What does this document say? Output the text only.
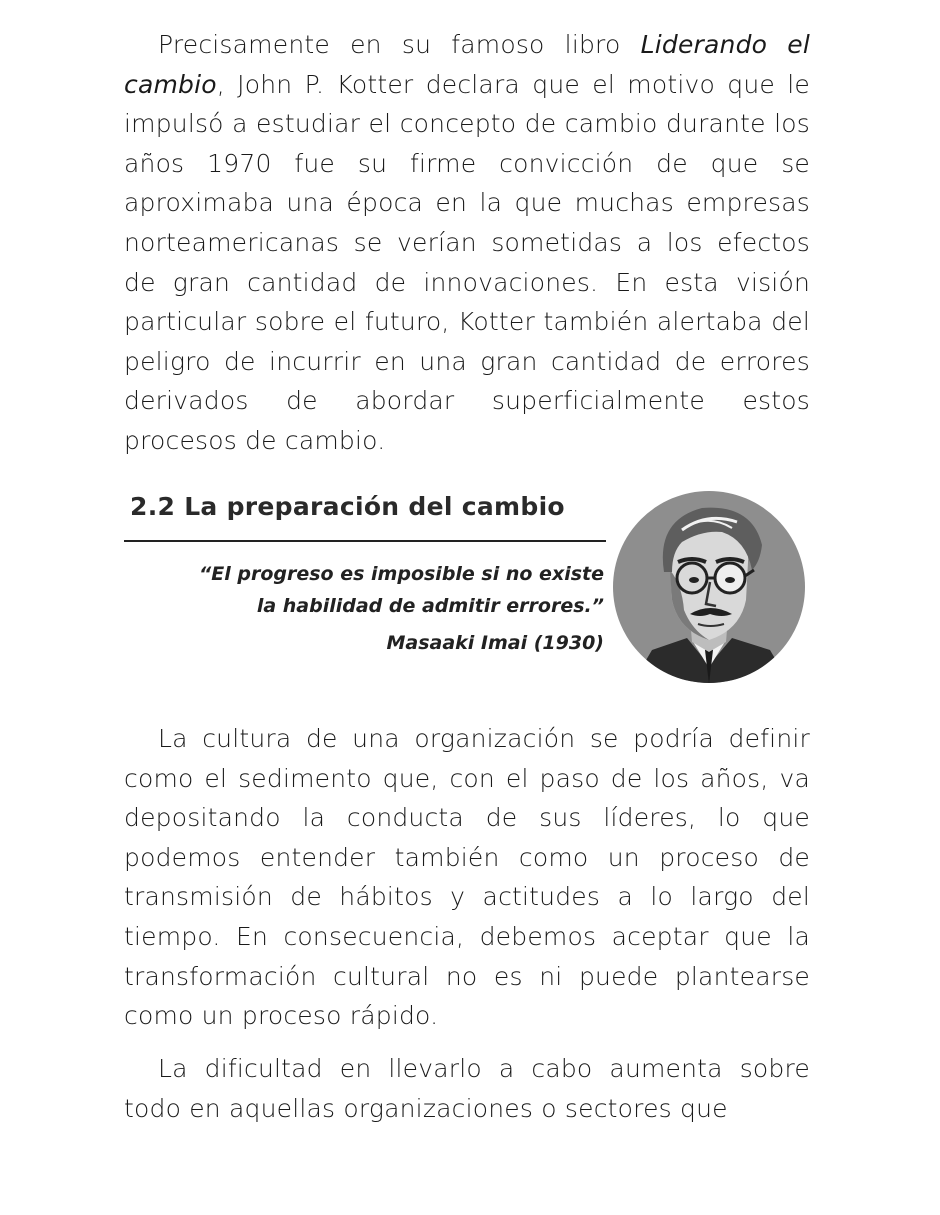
Precisamente en su famoso libro Liderando el cambio, John P. Kotter declara que el motivo que le impulsó a estudiar el concepto de cambio durante los años 1970 fue su firme convicción de que se aproximaba una época en la que muchas empresas norteamericanas se verían sometidas a los efectos de gran cantidad de innovaciones. En esta visión particular sobre el futuro, Kotter también alertaba del peligro de incurrir en una gran cantidad de errores derivados de abordar superficialmente estos procesos de cambio.

2.2 La preparación del cambio
“El progreso es imposible si no existe
la habilidad de admitir errores.”
Masaaki Imai (1930)

La cultura de una organización se podría definir como el sedimento que, con el paso de los años, va depositando la conducta de sus líderes, lo que podemos entender también como un proceso de transmisión de hábitos y actitudes a lo largo del tiempo. En consecuencia, debemos aceptar que la transformación cultural no es ni puede plantearse como un proceso rápido.

La dificultad en llevarlo a cabo aumenta sobre todo en aquellas organizaciones o sectores que
